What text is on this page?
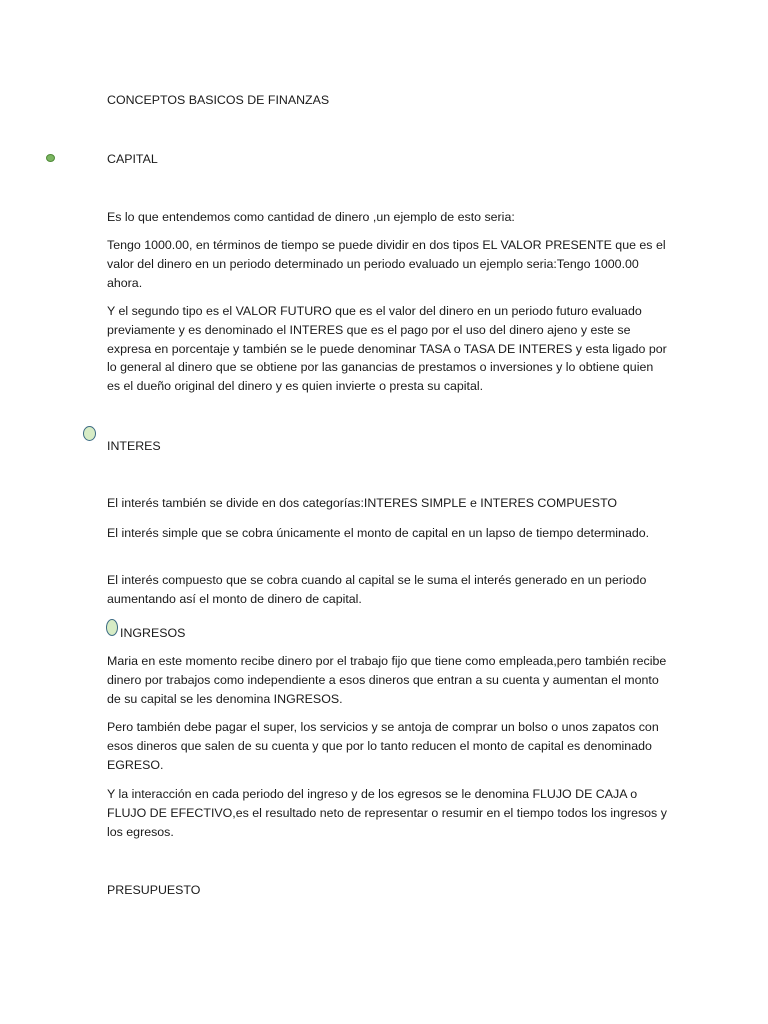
CONCEPTOS BASICOS DE FINANZAS

CAPITAL

Es lo que entendemos como cantidad de dinero ,un ejemplo de esto seria:

Tengo 1000.00, en términos de tiempo se puede dividir en dos tipos EL VALOR PRESENTE que es el valor del dinero en un periodo determinado un periodo evaluado un ejemplo seria:Tengo 1000.00 ahora.

Y el segundo tipo es el VALOR FUTURO que es el valor del dinero en un periodo futuro evaluado previamente y es denominado el INTERES que es el pago por el uso del dinero ajeno y este se expresa en porcentaje y también se le puede denominar TASA o TASA DE INTERES y esta ligado por lo general al dinero que se obtiene por las ganancias de prestamos o inversiones y lo obtiene quien es el dueño original del dinero y es quien invierte o presta su capital.

INTERES

El interés también se divide en dos categorías:INTERES SIMPLE e INTERES COMPUESTO

El interés simple que se cobra únicamente el monto de capital en un lapso de tiempo determinado.

El interés compuesto que se cobra cuando al capital se le suma el interés generado en un periodo aumentando así el monto de dinero de capital.

INGRESOS

Maria en este momento recibe dinero por el trabajo fijo que tiene como empleada,pero también recibe dinero por trabajos como independiente a esos dineros que entran a su cuenta y aumentan el monto de su capital se les denomina INGRESOS.

Pero también debe pagar el super, los servicios y se antoja de comprar un bolso o unos zapatos con esos dineros que salen de su cuenta y que por lo tanto reducen el monto de capital es denominado EGRESO.

Y la interacción en cada periodo del ingreso y de los egresos se le denomina FLUJO DE CAJA o FLUJO DE EFECTIVO,es el resultado neto de representar o resumir en el tiempo todos los ingresos y los egresos.

PRESUPUESTO
